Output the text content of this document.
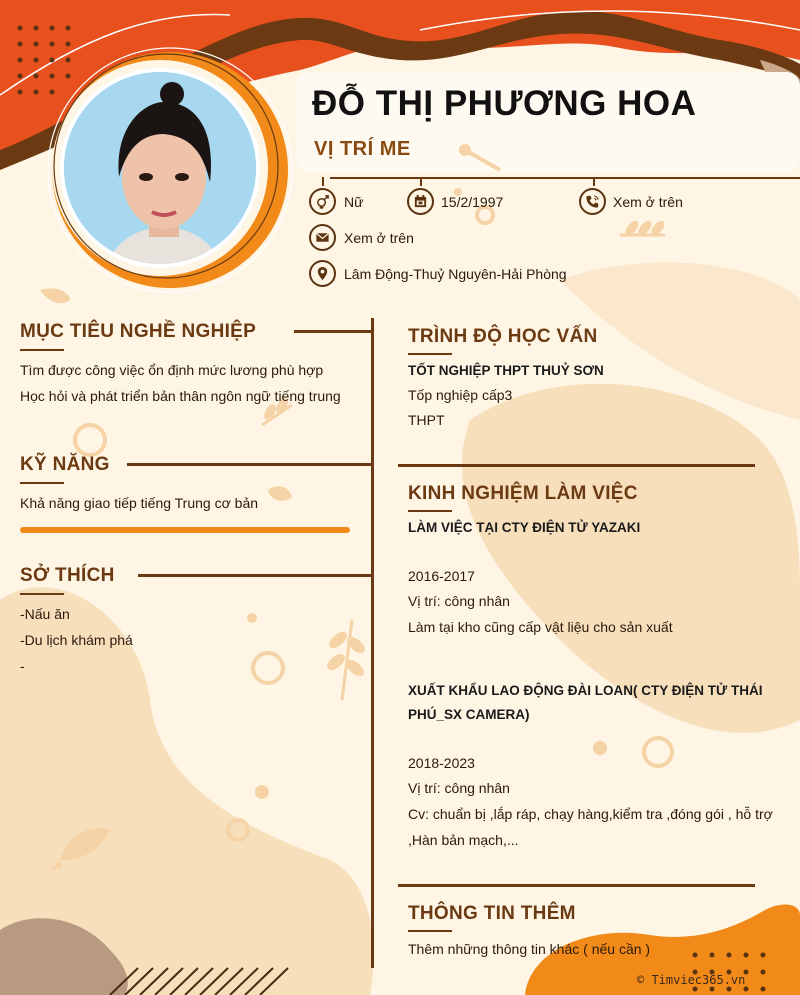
ĐỖ THỊ PHƯƠNG HOA
VỊ TRÍ ME
Nữ	15/2/1997	Xem ở trên
Xem ở trên
Lâm Động-Thuỷ Nguyên-Hải Phòng
MỤC TIÊU NGHỀ NGHIỆP
Tìm được công việc ổn định mức lương phù hợp
Học hỏi và phát triển bản thân ngôn ngữ tiếng trung
KỸ NĂNG
Khả năng giao tiếp tiếng Trung cơ bản
SỞ THÍCH
-Nấu ăn
-Du lịch khám phá
-
TRÌNH ĐỘ HỌC VẤN
TỐT NGHIỆP THPT THUỶ SƠN
Tốp nghiệp cấp3
THPT
KINH NGHIỆM LÀM VIỆC
LÀM VIỆC TẠI CTY ĐIỆN TỬ YAZAKI
2016-2017
Vị trí: công nhân
Làm tại kho cũng cấp vật liệu cho sản xuất
XUẤT KHẨU LAO ĐỘNG ĐÀI LOAN( CTY ĐIỆN TỬ THÁI
PHÚ_SX CAMERA)
2018-2023
Vị trí: công nhân
Cv: chuẩn bị ,lắp ráp, chạy hàng,kiểm tra ,đóng gói , hỗ trợ
,Hàn bản mạch,...
THÔNG TIN THÊM
Thêm những thông tin khác ( nếu cần )
© Timviec365.vn
